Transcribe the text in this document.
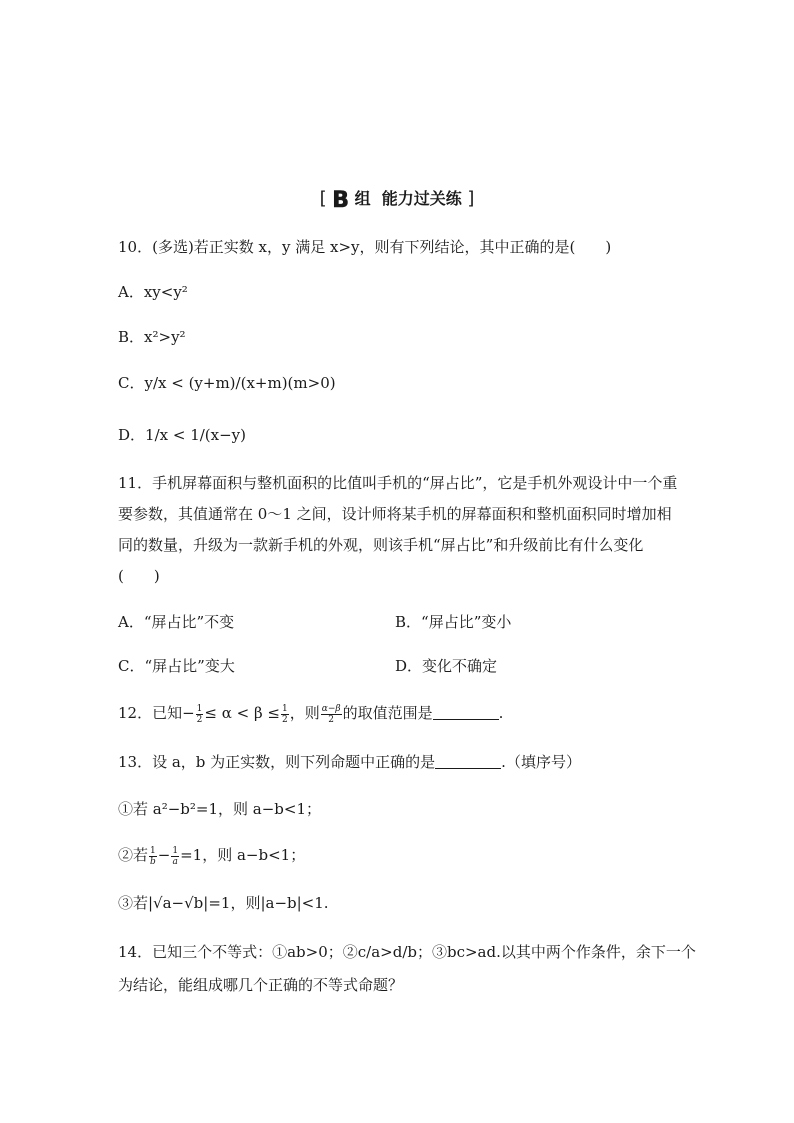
[ B 组  能力过关练 ]
10．(多选)若正实数 x，y 满足 x>y，则有下列结论，其中正确的是(　　)
A．xy<y²
B．x²>y²
C．y/x < (y+m)/(x+m)(m>0)
D．1/x < 1/(x−y)
11．手机屏幕面积与整机面积的比值叫手机的“屏占比”，它是手机外观设计中一个重要参数，其值通常在 0～1 之间，设计师将某手机的屏幕面积和整机面积同时增加相同的数量，升级为一款新手机的外观，则该手机“屏占比”和升级前比有什么变化(　　)
A．“屏占比”不变	B．“屏占比”变小
C．“屏占比”变大	D．变化不确定
12．已知− $\frac{1}{2} \le \alpha < \beta \le \frac{1}{2}$ ，则 $\frac{\alpha-\beta}{2}$ 的取值范围是	.
13．设 a，b 为正实数，则下列命题中正确的是	.（填序号）
①若 a²−b²=1，则 a−b<1；
②若 $\frac{1}{b} - \frac{1}{a} =1$，则 a−b<1；
③若|√a−√b|=1，则|a−b|<1.
14．已知三个不等式：①ab>0；②c/a>d/b；③bc>ad.以其中两个作条件，余下一个
为结论，能组成哪几个正确的不等式命题？
